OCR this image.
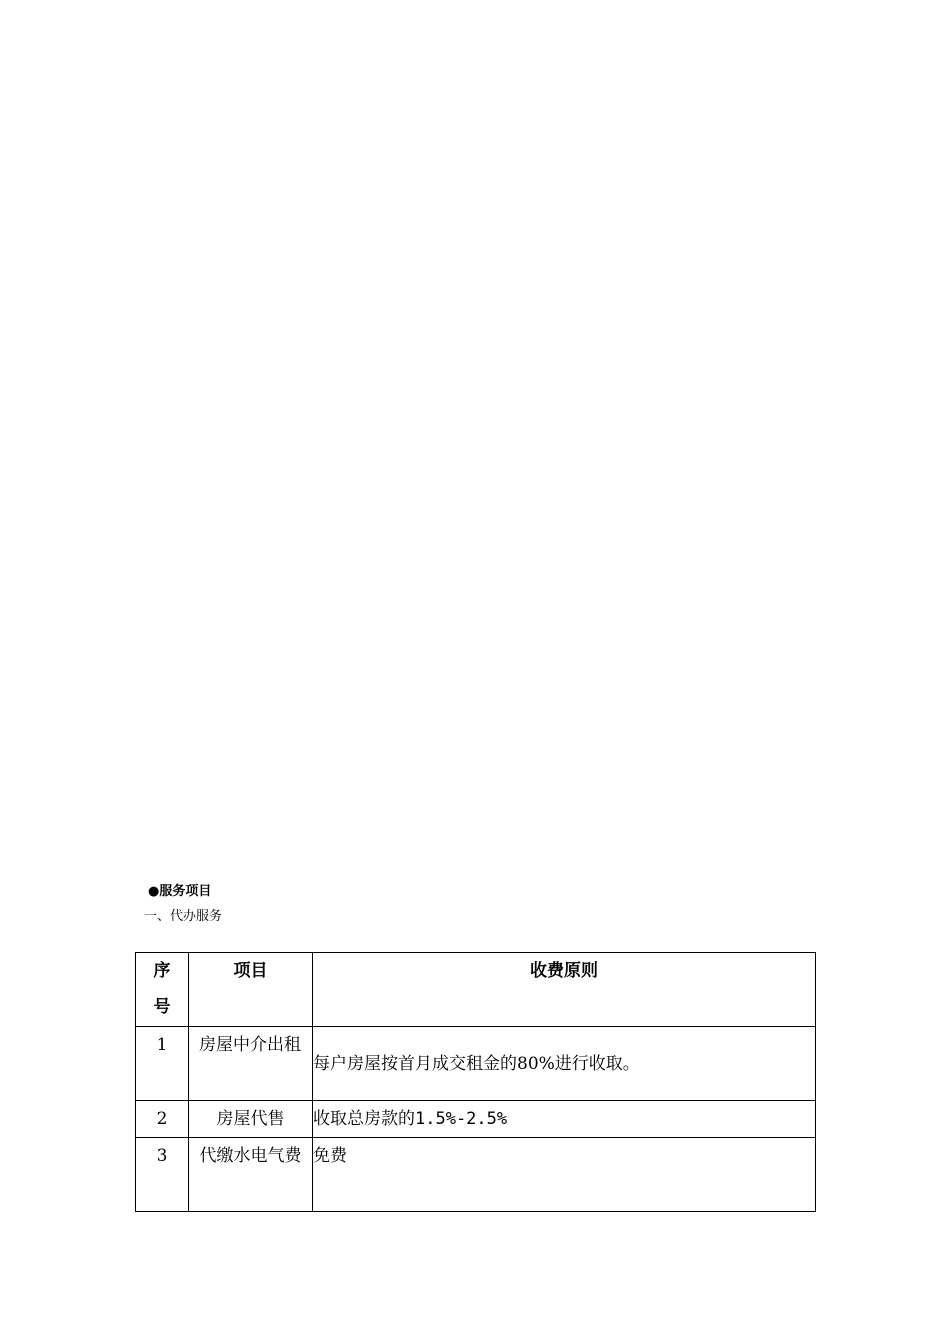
●服务项目
一、代办服务
序号	项目	收费原则
1	房屋中介出租	每户房屋按首月成交租金的80%进行收取。
2	房屋代售	收取总房款的1.5%-2.5%
3	代缴水电气费	免费
